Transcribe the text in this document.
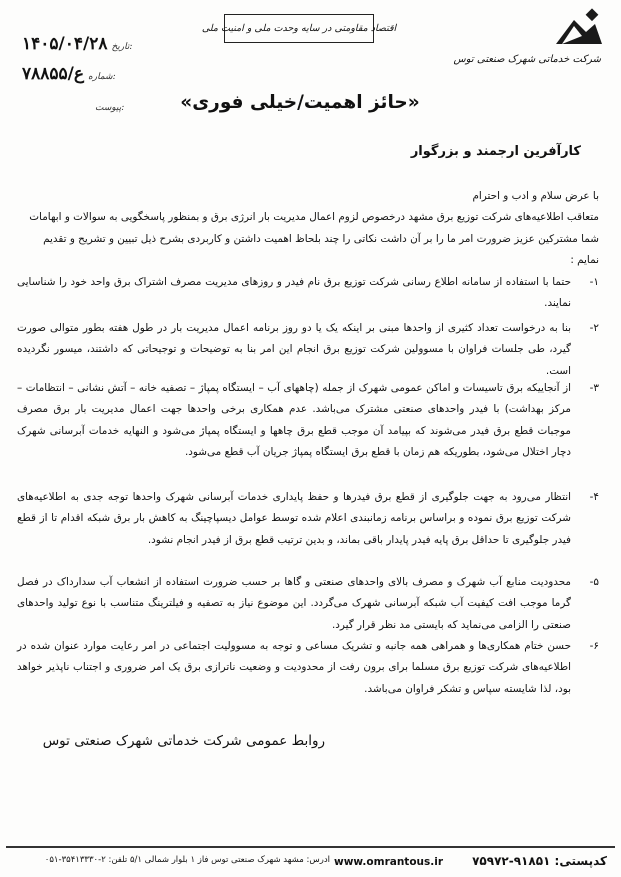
شرکت خدماتی شهرک صنعتی توس
اقتصاد مقاومتی در سایه وحدت ملی و امنیت ملی
۱۴۰۵/۰۴/۲۸ تاریخ:
۷۸۸۵۵/ع شماره:
پیوست:	«حائز اهمیت/خیلی فوری»
کارآفرین ارجمند و بزرگوار

با عرض سلام و ادب و احترام

متعاقب اطلاعیه‌های شرکت توزیع برق مشهد درخصوص لزوم اعمال مدیریت بار انرژی برق و بمنظور پاسخگویی به سوالات و ابهامات شما مشترکین عزیز ضرورت امر ما را بر آن داشت نکاتی را چند بلحاظ اهمیت داشتن و کاربردی بشرح ذیل تبیین و تشریح و تقدیم نمایم :

۱-
حتما با استفاده از سامانه اطلاع رسانی شرکت توزیع برق نام فیدر و روزهای مدیریت مصرف اشتراک برق واحد خود را شناسایی نمایند.
۲-
بنا به درخواست تعداد کثیری از واحدها مبنی بر اینکه یک یا دو روز برنامه اعمال مدیریت بار در طول هفته بطور متوالی صورت گیرد، طی جلسات فراوان با مسوولین شرکت توزیع برق انجام این امر بنا به توضیحات و توجیحاتی که داشتند، میسور نگردیده است.
۳-
از آنجاییکه برق تاسیسات و اماکن عمومی شهرک از جمله (چاههای آب – ایستگاه پمپاژ – تصفیه خانه – آتش نشانی – انتظامات – مرکز بهداشت) با فیدر واحدهای صنعتی مشترک می‌باشد. عدم همکاری برخی واحدها جهت اعمال مدیریت بار برق مصرف موجبات قطع برق فیدر می‌شوند که بپیامد آن موجب قطع برق چاهها و ایستگاه پمپاژ می‌شود و النهایه خدمات آبرسانی شهرک دچار اختلال می‌شود، بطوریکه هم زمان با قطع برق ایستگاه پمپاژ جریان آب قطع می‌شود.
۴-
انتظار می‌رود به جهت جلوگیری از قطع برق فیدرها و حفظ پایداری خدمات آبرسانی شهرک واحدها توجه جدی به اطلاعیه‌های شرکت توزیع برق نموده و براساس برنامه زمانبندی اعلام شده توسط عوامل دیسپاچینگ به کاهش بار برق شبکه اقدام تا از قطع فیدر جلوگیری تا حداقل برق پایه فیدر پایدار باقی بماند، و بدین ترتیب قطع برق از فیدر انجام نشود.
۵-
محدودیت منابع آب شهرک و مصرف بالای واحدهای صنعتی و گاها بر حسب ضرورت استفاده از انشعاب آب سدارداک در فصل گرما موجب افت کیفیت آب شبکه آبرسانی شهرک می‌گردد. این موضوع نیاز به تصفیه و فیلترینگ متناسب با نوع تولید واحدهای صنعتی را الزامی می‌نماید که بایستی مد نظر قرار گیرد.
۶-
حسن ختام همکاری‌ها و همراهی همه جانبه و تشریک مساعی و توجه به مسوولیت اجتماعی در امر رعایت موارد عنوان شده در اطلاعیه‌های شرکت توزیع برق مسلما برای برون رفت از محدودیت و وضعیت ناترازی برق یک امر ضروری و اجتناب ناپذیر خواهد بود، لذا شایسته سپاس و تشکر فراوان می‌باشد.
روابط عمومی شرکت خدماتی شهرک صنعتی توس
کدپستی: ۹۱۸۵۱-۷۵۹۷۲
www.omrantous.ir
آدرس: مشهد شهرک صنعتی توس فاز ۱ بلوار شمالی ۵/۱ تلفن: ۲-۳۵۴۱۳۳۳۰-۰۵۱
